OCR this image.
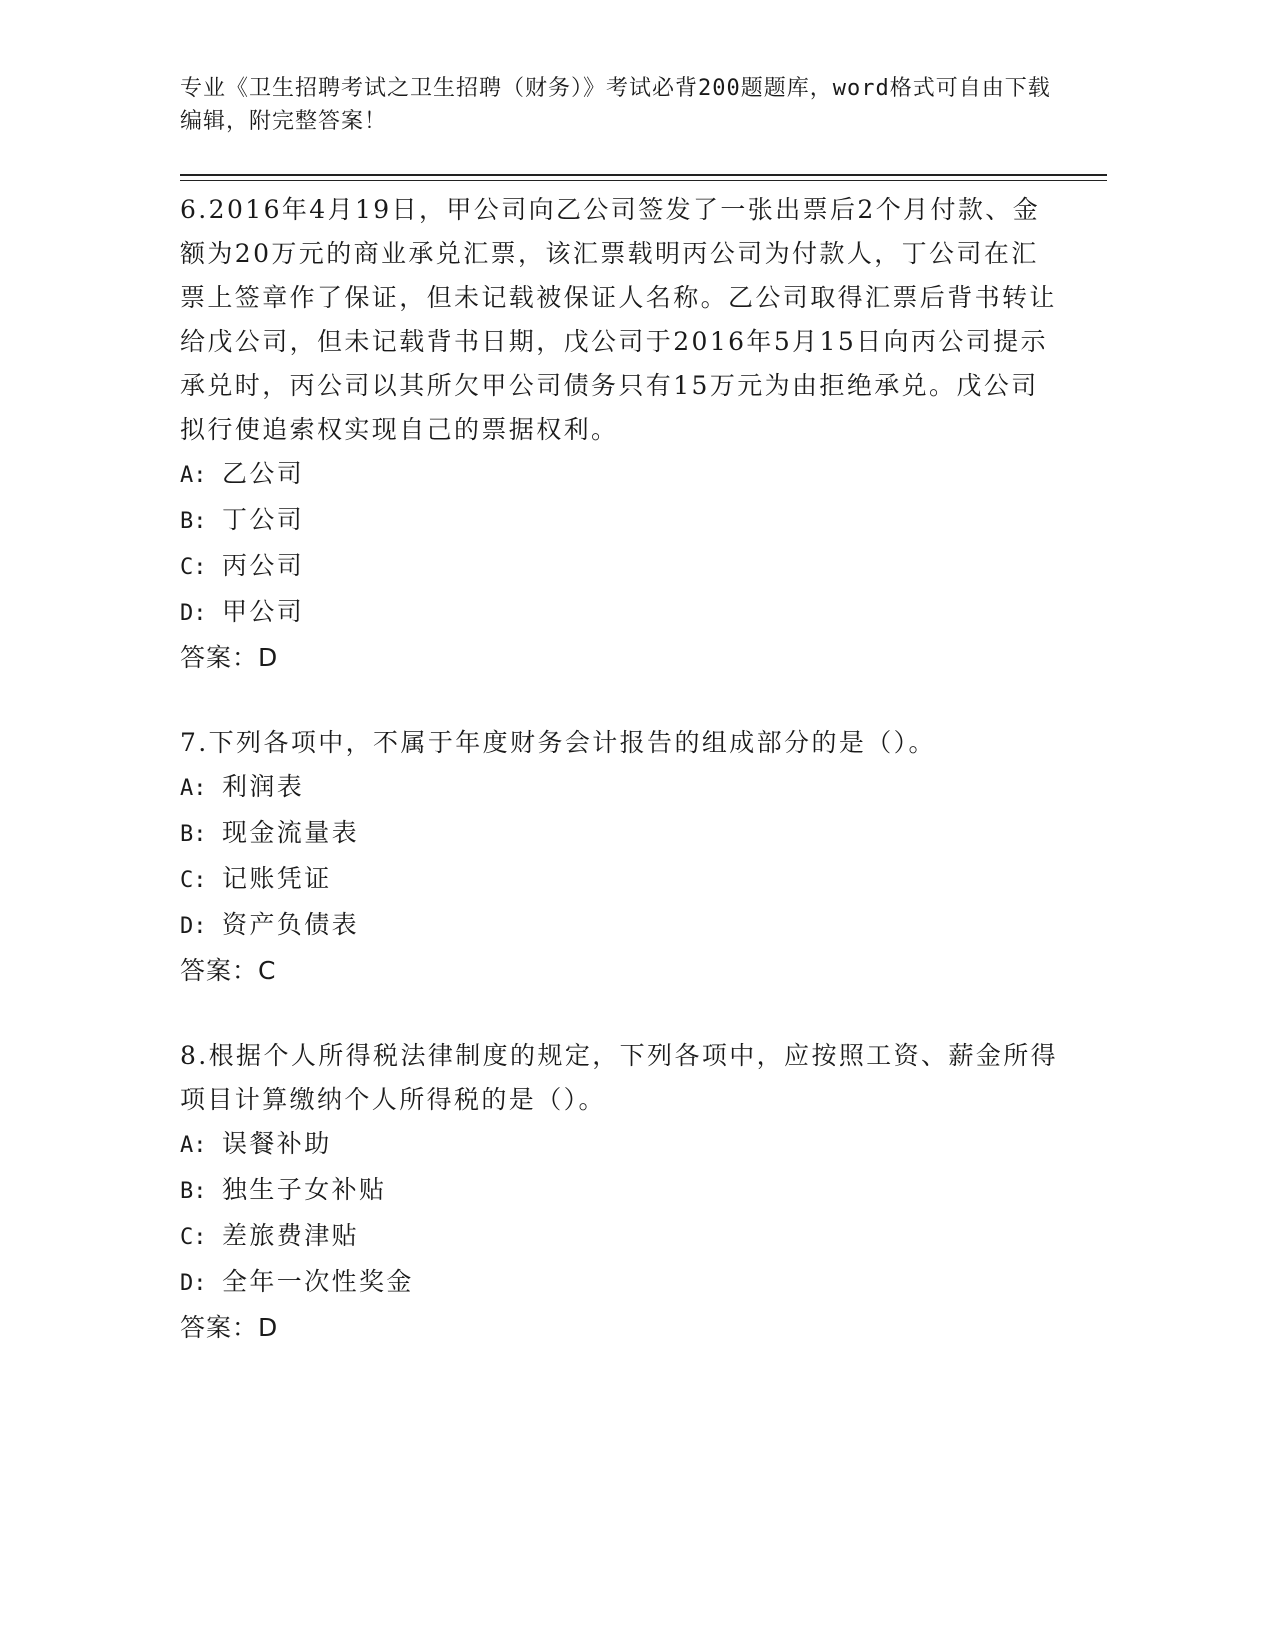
专业《卫生招聘考试之卫生招聘（财务）》考试必背200题题库，word格式可自由下载编辑，附完整答案！
6.2016年4月19日，甲公司向乙公司签发了一张出票后2个月付款、金额为20万元的商业承兑汇票，该汇票载明丙公司为付款人，丁公司在汇票上签章作了保证，但未记载被保证人名称。乙公司取得汇票后背书转让给戊公司，但未记载背书日期，戊公司于2016年5月15日向丙公司提示承兑时，丙公司以其所欠甲公司债务只有15万元为由拒绝承兑。戊公司拟行使追索权实现自己的票据权利。
A: 乙公司
B: 丁公司
C: 丙公司
D: 甲公司
答案：D
7.下列各项中，不属于年度财务会计报告的组成部分的是（）。
A: 利润表
B: 现金流量表
C: 记账凭证
D: 资产负债表
答案：C
8.根据个人所得税法律制度的规定，下列各项中，应按照工资、薪金所得项目计算缴纳个人所得税的是（）。
A: 误餐补助
B: 独生子女补贴
C: 差旅费津贴
D: 全年一次性奖金
答案：D
